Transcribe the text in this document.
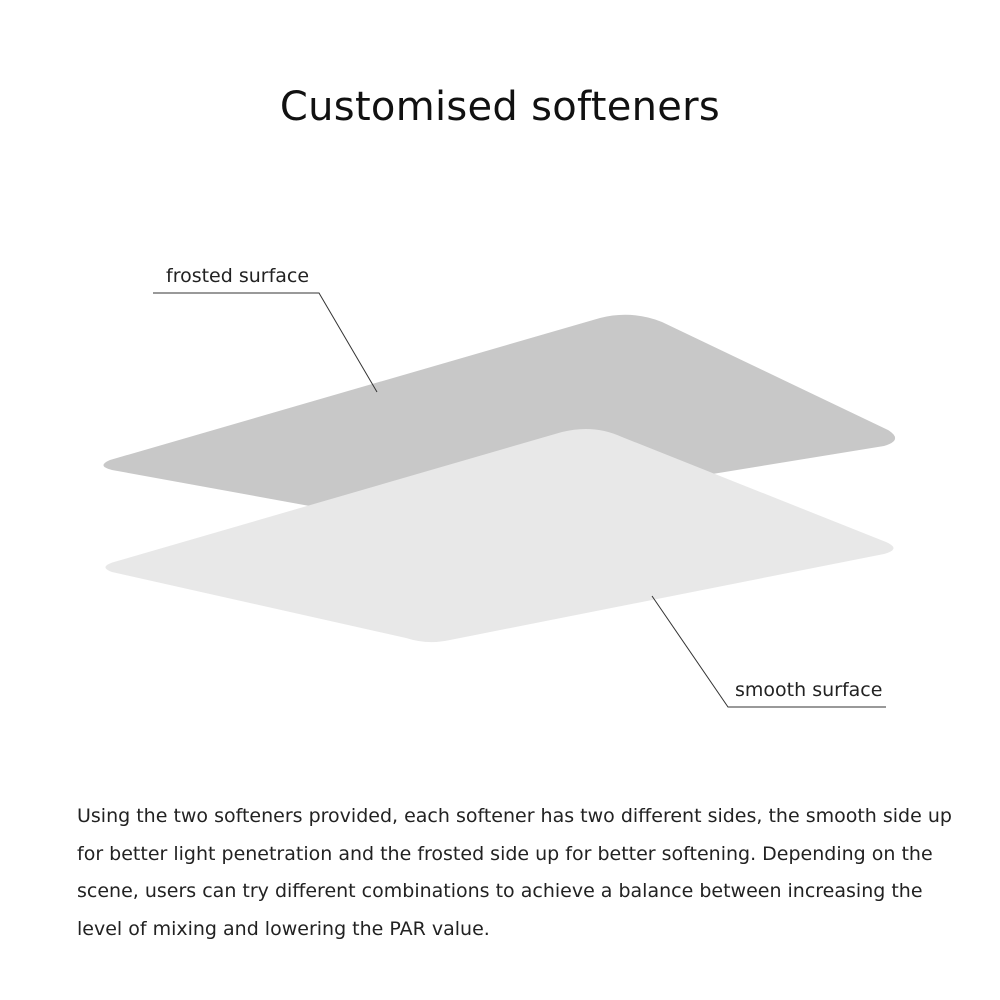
Customised softeners
frosted surface
smooth surface

Using the two softeners provided, each softener has two different sides, the smooth side up for better light penetration and the frosted side up for better softening. Depending on the scene, users can try different combinations to achieve a balance between increasing the level of mixing and lowering the PAR value.
